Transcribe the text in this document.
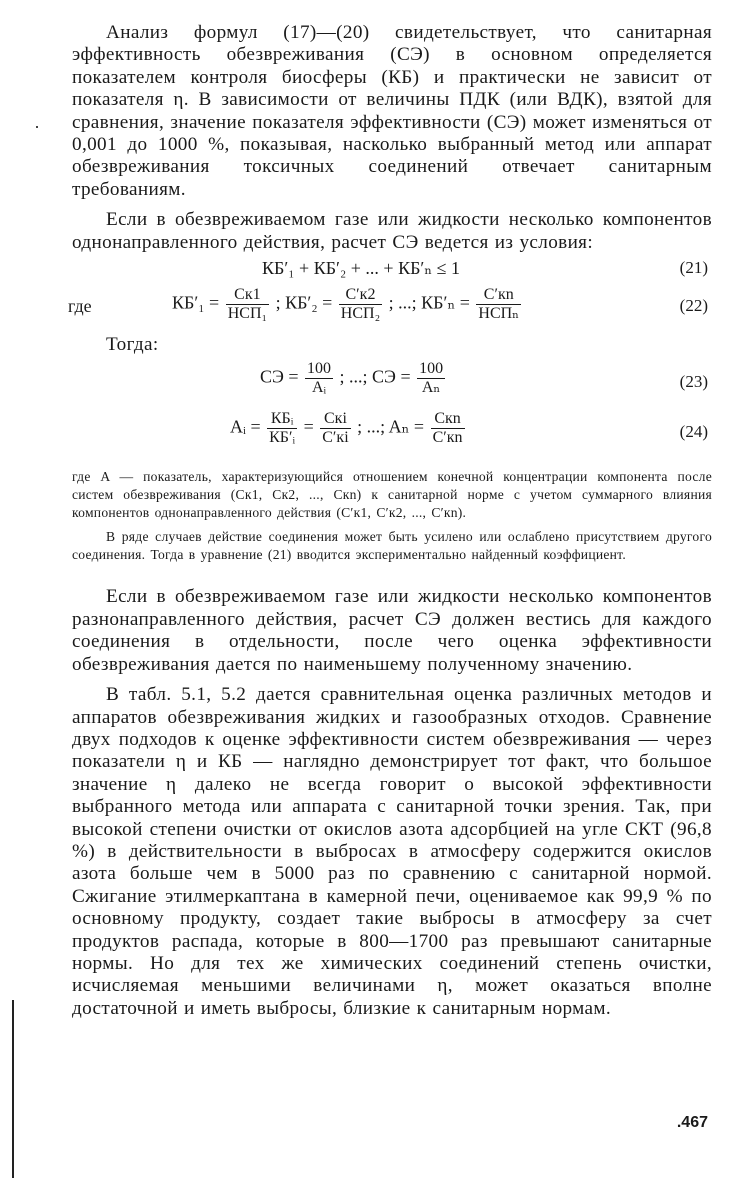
Анализ формул (17)—(20) свидетельствует, что санитарная эффективность обезвреживания (СЭ) в основном определяется показателем контроля биосферы (КБ) и практически не зависит от показателя η. В зависимости от величины ПДК (или ВДК), взятой для сравнения, значение показателя эффективности (СЭ) может изменяться от 0,001 до 1000 %, показывая, насколько выбранный метод или аппарат обезвреживания токсичных соединений отвечает санитарным требованиям.

Если в обезвреживаемом газе или жидкости несколько компонентов однонаправленного действия, расчет СЭ ведется из условия:

КБ′₁ + КБ′₂ + ... + КБ′ₙ ≤ 1	(21)
где	$КБ'_1 = \frac{Cк1}{\text{НСП₁}}$ ; $КБ'_2 = \frac{C'к2}{\text{НСП₂}}$ ; ...; $КБ'_n = \frac{C'кn}{\text{НСПₙ}}$	(22)

Тогда:

СЭ = $\frac{100}{\text{Aᵢ}}$ ; ...; СЭ = $\frac{100}{\text{Aₙ}}$	(23)
Aᵢ = $\frac{\text{КБᵢ}}{\text{КБ′ᵢ}} = \frac{\text{Cкi}}{C'кi}$ ; ...; $A_n = \frac{\text{Cкn}}{C'кn}$	(24)

где A — показатель, характеризующийся отношением конечной концентрации компонента после систем обезвреживания (Cк1, Cк2, ..., Cкn) к санитарной норме с учетом суммарного влияния компонентов однонаправленного действия (C′к1, C′к2, ..., C′кn).

В ряде случаев действие соединения может быть усилено или ослаблено присутствием другого соединения. Тогда в уравнение (21) вводится экспериментально найденный коэффициент.

Если в обезвреживаемом газе или жидкости несколько компонентов разнонаправленного действия, расчет СЭ должен вестись для каждого соединения в отдельности, после чего оценка эффективности обезвреживания дается по наименьшему полученному значению.

В табл. 5.1, 5.2 дается сравнительная оценка различных методов и аппаратов обезвреживания жидких и газообразных отходов. Сравнение двух подходов к оценке эффективности систем обезвреживания — через показатели η и КБ — наглядно демонстрирует тот факт, что большое значение η далеко не всегда говорит о высокой эффективности выбранного метода или аппарата с санитарной точки зрения. Так, при высокой степени очистки от окислов азота адсорбцией на угле СКТ (96,8 %) в действительности в выбросах в атмосферу содержится окислов азота больше чем в 5000 раз по сравнению с санитарной нормой. Сжигание этилмеркаптана в камерной печи, оцениваемое как 99,9 % по основному продукту, создает такие выбросы в атмосферу за счет продуктов распада, которые в 800—1700 раз превышают санитарные нормы. Но для тех же химических соединений степень очистки, исчисляемая меньшими величинами η, может оказаться вполне достаточной и иметь выбросы, близкие к санитарным нормам.

.467
